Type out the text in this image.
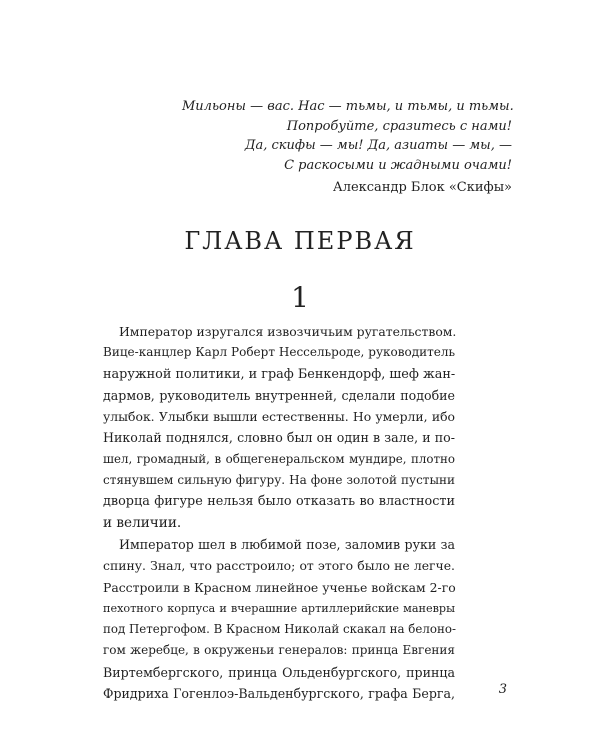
Мильоны — вас. Нас — тьмы, и тьмы, и тьмы.
Попробуйте, сразитесь с нами!
Да, скифы — мы! Да, азиаты — мы, —
С раскосыми и жадными очами!
Александр Блок «Скифы»
ГЛАВА ПЕРВАЯ
1
Император изругался извозчичьим ругательством.
Вице-канцлер Карл Роберт Нессельроде, руководитель
наружной политики, и граф Бенкендорф, шеф жан-
дармов, руководитель внутренней, сделали подобие
улыбок. Улыбки вышли естественны. Но умерли, ибо
Николай поднялся, словно был он один в зале, и по-
шел, громадный, в общегенеральском мундире, плотно
стянувшем сильную фигуру. На фоне золотой пустыни
дворца фигуре нельзя было отказать во властности
и величии.
Император шел в любимой позе, заломив руки за
спину. Знал, что расстроило; от этого было не легче.
Расстроили в Красном линейное ученье войскам 2-го
пехотного корпуса и вчерашние артиллерийские маневры
под Петергофом. В Красном Николай скакал на белоно-
гом жеребце, в окруженьи генералов: принца Евгения
Виртембергского, принца Ольденбургского, принца
Фридриха Гогенлоэ-Вальденбургского, графа Берга,	3
